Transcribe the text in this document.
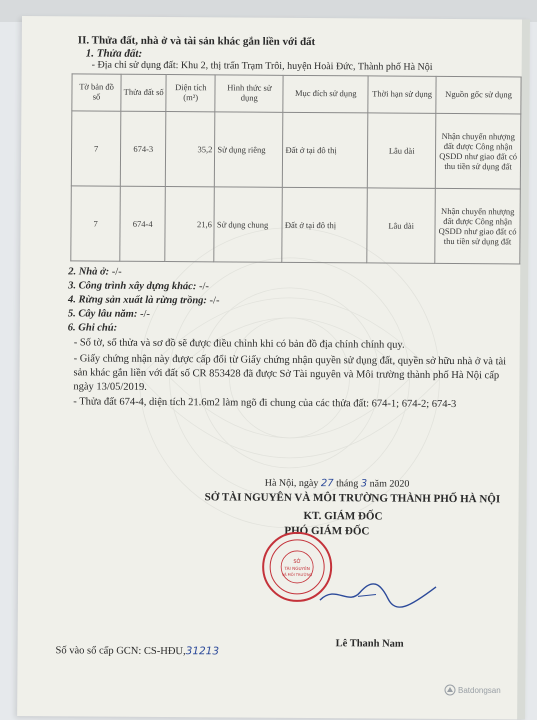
II. Thửa đất, nhà ở và tài sản khác gắn liền với đất
1. Thửa đất:
- Địa chỉ sử dụng đất: Khu 2, thị trấn Trạm Trôi, huyện Hoài Đức, Thành phố Hà Nội
Tờ bản đồ số	Thửa đất số	Diện tích (m²)	Hình thức sử dụng	Mục đích sử dụng	Thời hạn sử dụng	Nguồn gốc sử dụng
7	674-3	35,2	Sử dụng riêng	Đất ở tại đô thị	Lâu dài	Nhận chuyển nhượng đất được Công nhận QSDD như giao đất có thu tiền sử dụng đất
7	674-4	21,6	Sử dụng chung	Đất ở tại đô thị	Lâu dài	Nhận chuyển nhượng đất được Công nhận QSDD như giao đất có thu tiền sử dụng đất
2. Nhà ở: -/-
3. Công trình xây dựng khác: -/-
4. Rừng sản xuất là rừng trồng: -/-
5. Cây lâu năm: -/-
6. Ghi chú:
- Số tờ, số thửa và sơ đồ sẽ được điều chỉnh khi có bản đồ địa chính chính quy.
- Giấy chứng nhận này được cấp đổi từ Giấy chứng nhận quyền sử dụng đất, quyền sở hữu nhà ở và tài sản khác gắn liền với đất số CR 853428 đã được Sở Tài nguyên và Môi trường thành phố Hà Nội cấp ngày 13/05/2019.
- Thửa đất 674-4, diện tích 21.6m2 làm ngõ đi chung của các thửa đất: 674-1; 674-2; 674-3
Hà Nội, ngày 27 tháng 3 năm 2020
SỞ TÀI NGUYÊN VÀ MÔI TRƯỜNG THÀNH PHỐ HÀ NỘI
KT. GIÁM ĐỐC
PHÓ GIÁM ĐỐC
SỞ
TÀI NGUYÊN
VÀ MÔI TRƯỜNG
Lê Thanh Nam
Số vào sổ cấp GCN: CS-HĐU,31213
Batdongsan
